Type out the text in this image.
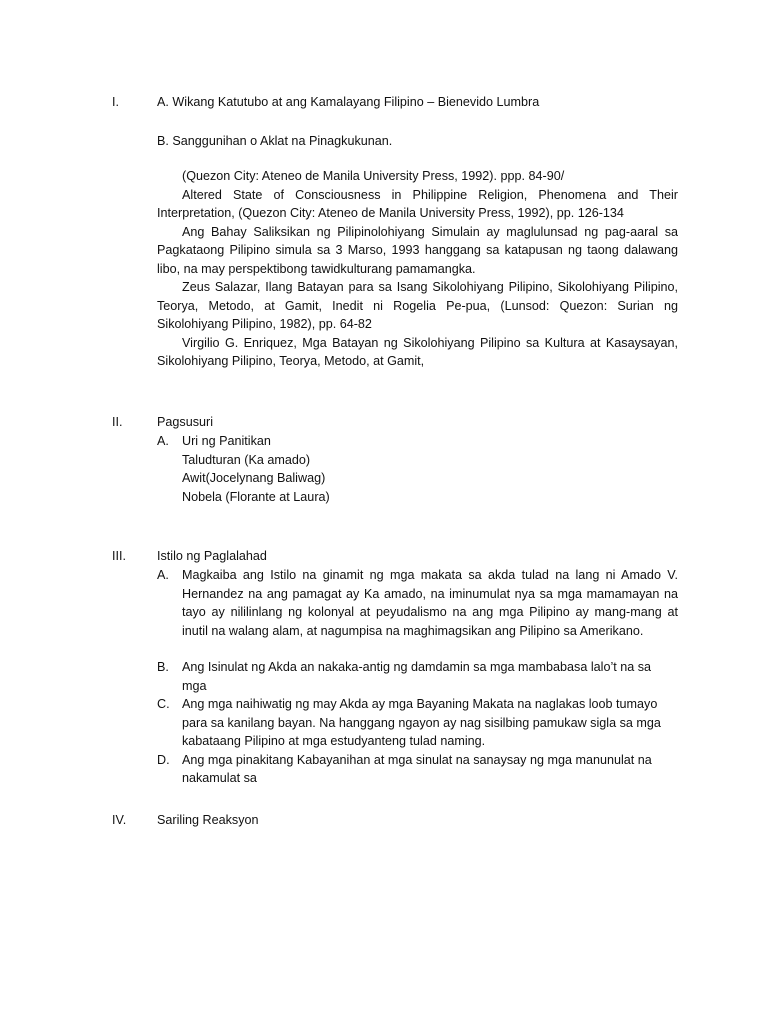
I.	A. Wikang Katutubo at ang Kamalayang Filipino – Bienevido Lumbra
B. Sanggunihan o Aklat na Pinagkukunan.

(Quezon City: Ateneo de Manila University Press, 1992). ppp. 84-90/

Altered State of Consciousness in Philippine Religion, Phenomena and Their Interpretation, (Quezon City: Ateneo de Manila University Press, 1992), pp. 126-134

Ang Bahay Saliksikan ng Pilipinolohiyang Simulain ay maglulunsad ng pag-aaral sa Pagkataong Pilipino simula sa 3 Marso, 1993 hanggang sa katapusan ng taong dalawang libo, na may perspektibong tawidkulturang pamamangka.

Zeus Salazar, Ilang Batayan para sa Isang Sikolohiyang Pilipino, Sikolohiyang Pilipino, Teorya, Metodo, at Gamit, Inedit ni Rogelia Pe-pua, (Lunsod: Quezon: Surian ng Sikolohiyang Pilipino, 1982), pp. 64-82

Virgilio G. Enriquez, Mga Batayan ng Sikolohiyang Pilipino sa Kultura at Kasaysayan, Sikolohiyang Pilipino, Teorya, Metodo, at Gamit,

II.	Pagsusuri
A. Uri ng Panitikan

Taludturan (Ka amado)

Awit(Jocelynang Baliwag)

Nobela (Florante at Laura)

III. Istilo ng Paglalahad
A. Magkaiba ang Istilo na ginamit ng mga makata sa akda tulad na lang ni Amado V. Hernandez na ang pamagat ay Ka amado, na iminumulat nya sa mga mamamayan na tayo ay nililinlang ng kolonyal at peyudalismo na ang mga Pilipino ay mang-mang at inutil na walang alam, at nagumpisa na maghimagsikan ang Pilipino sa Amerikano.

B. Ang Isinulat ng Akda an nakaka-antig ng damdamin sa mga mambabasa lalo’t na sa mga

C. Ang mga naihiwatig ng may Akda ay mga Bayaning Makata na naglakas loob tumayo para sa kanilang bayan. Na hanggang ngayon ay nag sisilbing pamukaw sigla sa mga kabataang Pilipino at mga estudyanteng tulad naming.

D. Ang mga pinakitang Kabayanihan at mga sinulat na sanaysay ng mga manunulat na nakamulat sa

IV. Sariling Reaksyon
